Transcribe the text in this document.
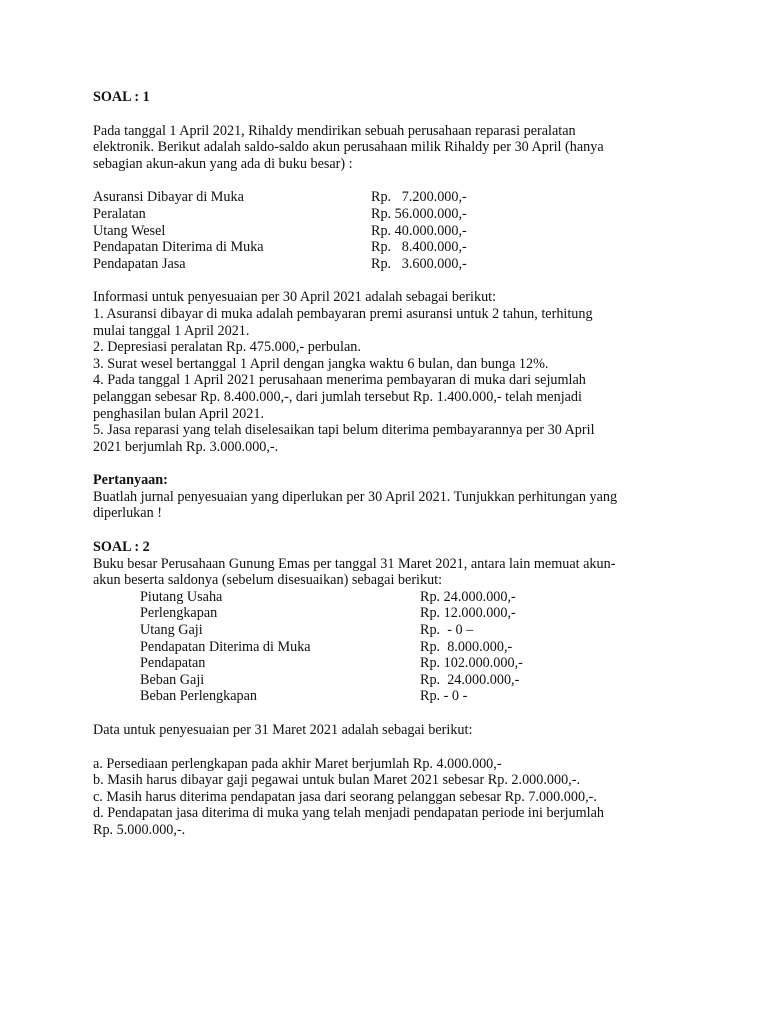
SOAL : 1

Pada tanggal 1 April 2021, Rihaldy mendirikan sebuah perusahaan reparasi peralatan

elektronik. Berikut adalah saldo-saldo akun perusahaan milik Rihaldy per 30 April (hanya

sebagian akun-akun yang ada di buku besar) :

Asuransi Dibayar di Muka	Rp.   7.200.000,-
Peralatan	Rp. 56.000.000,-
Utang Wesel	Rp. 40.000.000,-
Pendapatan Diterima di Muka	Rp.   8.400.000,-
Pendapatan Jasa	Rp.   3.600.000,-

Informasi untuk penyesuaian per 30 April 2021 adalah sebagai berikut:

1. Asuransi dibayar di muka adalah pembayaran premi asuransi untuk 2 tahun, terhitung

mulai tanggal 1 April 2021.

2. Depresiasi peralatan Rp. 475.000,- perbulan.

3. Surat wesel bertanggal 1 April dengan jangka waktu 6 bulan, dan bunga 12%.

4. Pada tanggal 1 April 2021 perusahaan menerima pembayaran di muka dari sejumlah

pelanggan sebesar Rp. 8.400.000,-, dari jumlah tersebut Rp. 1.400.000,- telah menjadi

penghasilan bulan April 2021.

5. Jasa reparasi yang telah diselesaikan tapi belum diterima pembayarannya per 30 April

2021 berjumlah Rp. 3.000.000,-.

Pertanyaan:

Buatlah jurnal penyesuaian yang diperlukan per 30 April 2021. Tunjukkan perhitungan yang

diperlukan !

SOAL : 2

Buku besar Perusahaan Gunung Emas per tanggal 31 Maret 2021, antara lain memuat akun-

akun beserta saldonya (sebelum disesuaikan) sebagai berikut:

Piutang Usaha	Rp. 24.000.000,-
Perlengkapan	Rp. 12.000.000,-
Utang Gaji	Rp.  - 0 –
Pendapatan Diterima di Muka	Rp.  8.000.000,-
Pendapatan	Rp. 102.000.000,-
Beban Gaji	Rp.  24.000.000,-
Beban Perlengkapan	Rp. - 0 -

Data untuk penyesuaian per 31 Maret 2021 adalah sebagai berikut:

a. Persediaan perlengkapan pada akhir Maret berjumlah Rp. 4.000.000,-

b. Masih harus dibayar gaji pegawai untuk bulan Maret 2021 sebesar Rp. 2.000.000,-.

c. Masih harus diterima pendapatan jasa dari seorang pelanggan sebesar Rp. 7.000.000,-.

d. Pendapatan jasa diterima di muka yang telah menjadi pendapatan periode ini berjumlah

Rp. 5.000.000,-.
